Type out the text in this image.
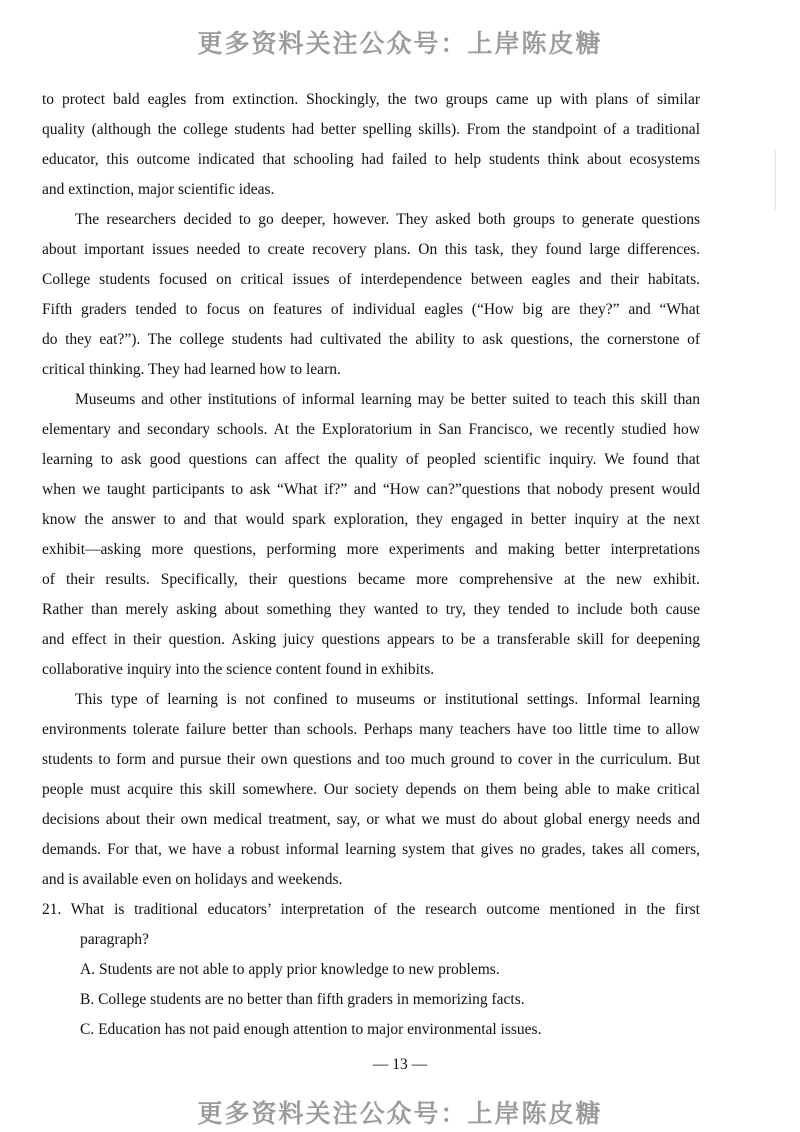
更多资料关注公众号：上岸陈皮糖
to protect bald eagles from extinction. Shockingly, the two groups came up with plans of similar
quality (although the college students had better spelling skills). From the standpoint of a traditional
educator, this outcome indicated that schooling had failed to help students think about ecosystems
and extinction, major scientific ideas.
The researchers decided to go deeper, however. They asked both groups to generate questions
about important issues needed to create recovery plans. On this task, they found large differences.
College students focused on critical issues of interdependence between eagles and their habitats.
Fifth graders tended to focus on features of individual eagles (“How big are they?” and “What
do they eat?”). The college students had cultivated the ability to ask questions, the cornerstone of
critical thinking. They had learned how to learn.
Museums and other institutions of informal learning may be better suited to teach this skill than
elementary and secondary schools. At the Exploratorium in San Francisco, we recently studied how
learning to ask good questions can affect the quality of peopled scientific inquiry. We found that
when we taught participants to ask “What if?” and “How can?”questions that nobody present would
know the answer to and that would spark exploration, they engaged in better inquiry at the next
exhibit—asking more questions, performing more experiments and making better interpretations
of their results. Specifically, their questions became more comprehensive at the new exhibit.
Rather than merely asking about something they wanted to try, they tended to include both cause
and effect in their question. Asking juicy questions appears to be a transferable skill for deepening
collaborative inquiry into the science content found in exhibits.
This type of learning is not confined to museums or institutional settings. Informal learning
environments tolerate failure better than schools. Perhaps many teachers have too little time to allow
students to form and pursue their own questions and too much ground to cover in the curriculum. But
people must acquire this skill somewhere. Our society depends on them being able to make critical
decisions about their own medical treatment, say, or what we must do about global energy needs and
demands. For that, we have a robust informal learning system that gives no grades, takes all comers,
and is available even on holidays and weekends.
21. What is traditional educators’ interpretation of the research outcome mentioned in the first
paragraph?
A. Students are not able to apply prior knowledge to new problems.
B. College students are no better than fifth graders in memorizing facts.
C. Education has not paid enough attention to major environmental issues.
— 13 —
更多资料关注公众号：上岸陈皮糖
